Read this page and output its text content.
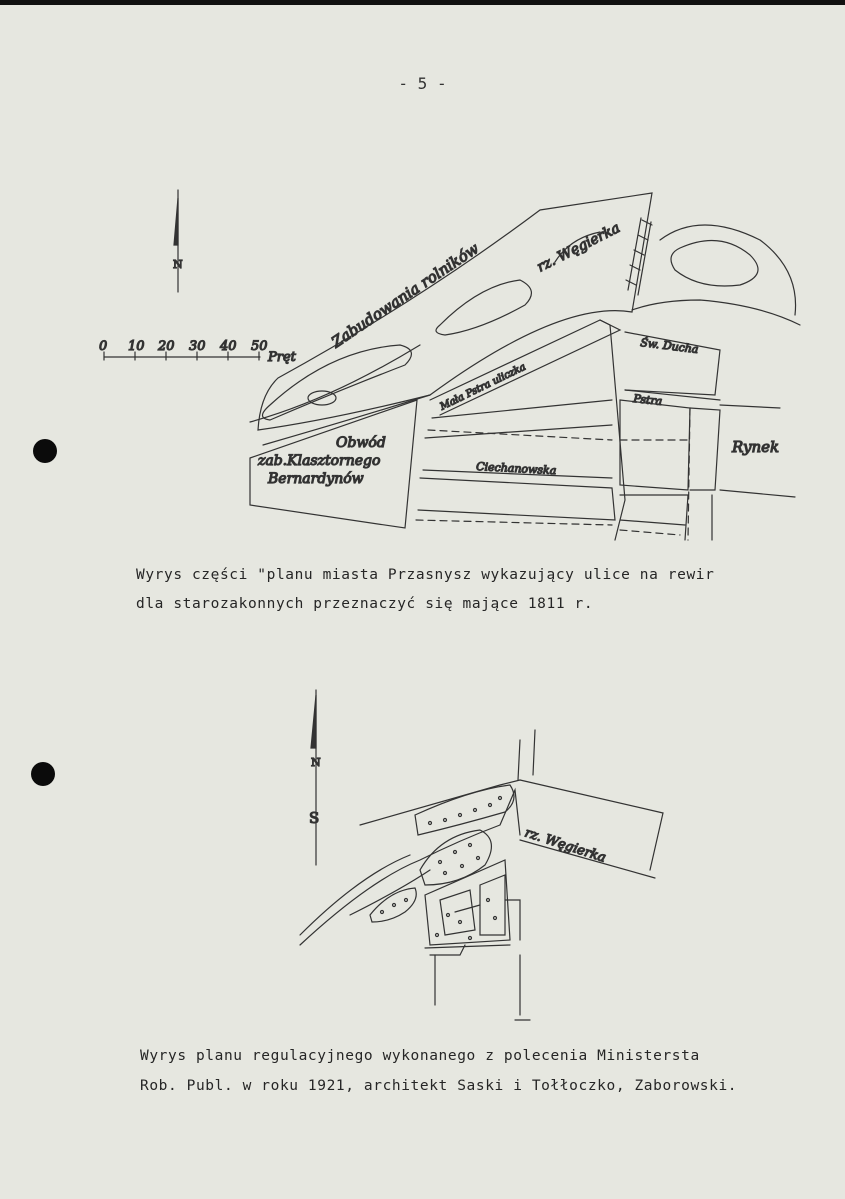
- 5 -
N
0 10 20 30 40 50
Pręt
Obwód
zab.Klasztornego
Bernardynów
Zabudowania rolników	rz. Węgierka
Św. Ducha
Mała Pstra uliczka	Pstra
Rynek
Ciechanowska
Wyrys części "planu miasta Przasnysz wykazujący ulice na rewir
dla starozakonnych przeznaczyć się mające 1811 r.
N
S
rz. Węgierka
Wyrys planu regulacyjnego wykonanego z polecenia Ministersta
Rob. Publ. w roku 1921, architekt Saski i Tołłoczko, Zaborowski.
